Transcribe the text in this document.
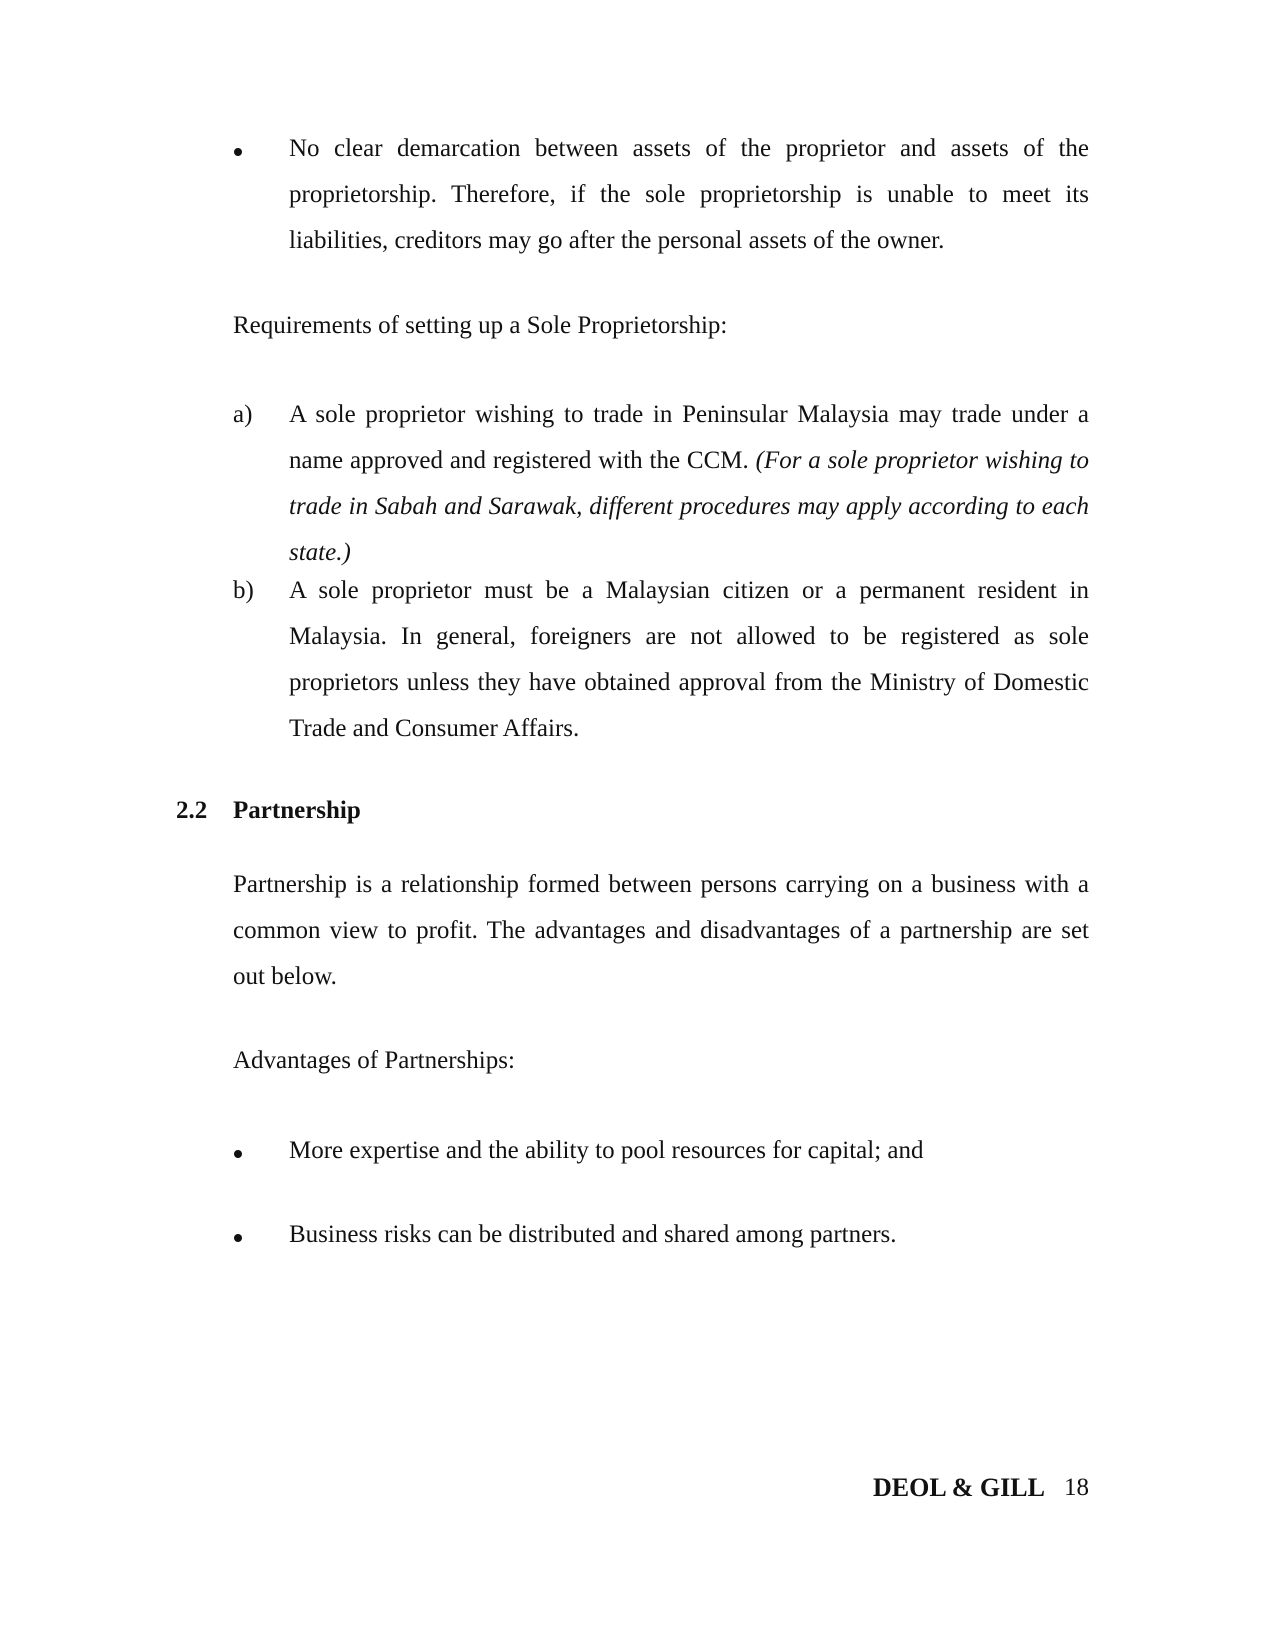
No clear demarcation between assets of the proprietor and assets of the proprietorship. Therefore, if the sole proprietorship is unable to meet its liabilities, creditors may go after the personal assets of the owner.

Requirements of setting up a Sole Proprietorship:

a) A sole proprietor wishing to trade in Peninsular Malaysia may trade under a name approved and registered with the CCM. (For a sole proprietor wishing to trade in Sabah and Sarawak, different procedures may apply according to each state.)

b) A sole proprietor must be a Malaysian citizen or a permanent resident in Malaysia. In general, foreigners are not allowed to be registered as sole proprietors unless they have obtained approval from the Ministry of Domestic Trade and Consumer Affairs.

2.2 Partnership

Partnership is a relationship formed between persons carrying on a business with a common view to profit. The advantages and disadvantages of a partnership are set out below.

Advantages of Partnerships:

More expertise and the ability to pool resources for capital; and

Business risks can be distributed and shared among partners.

DEOL & GILL 18
